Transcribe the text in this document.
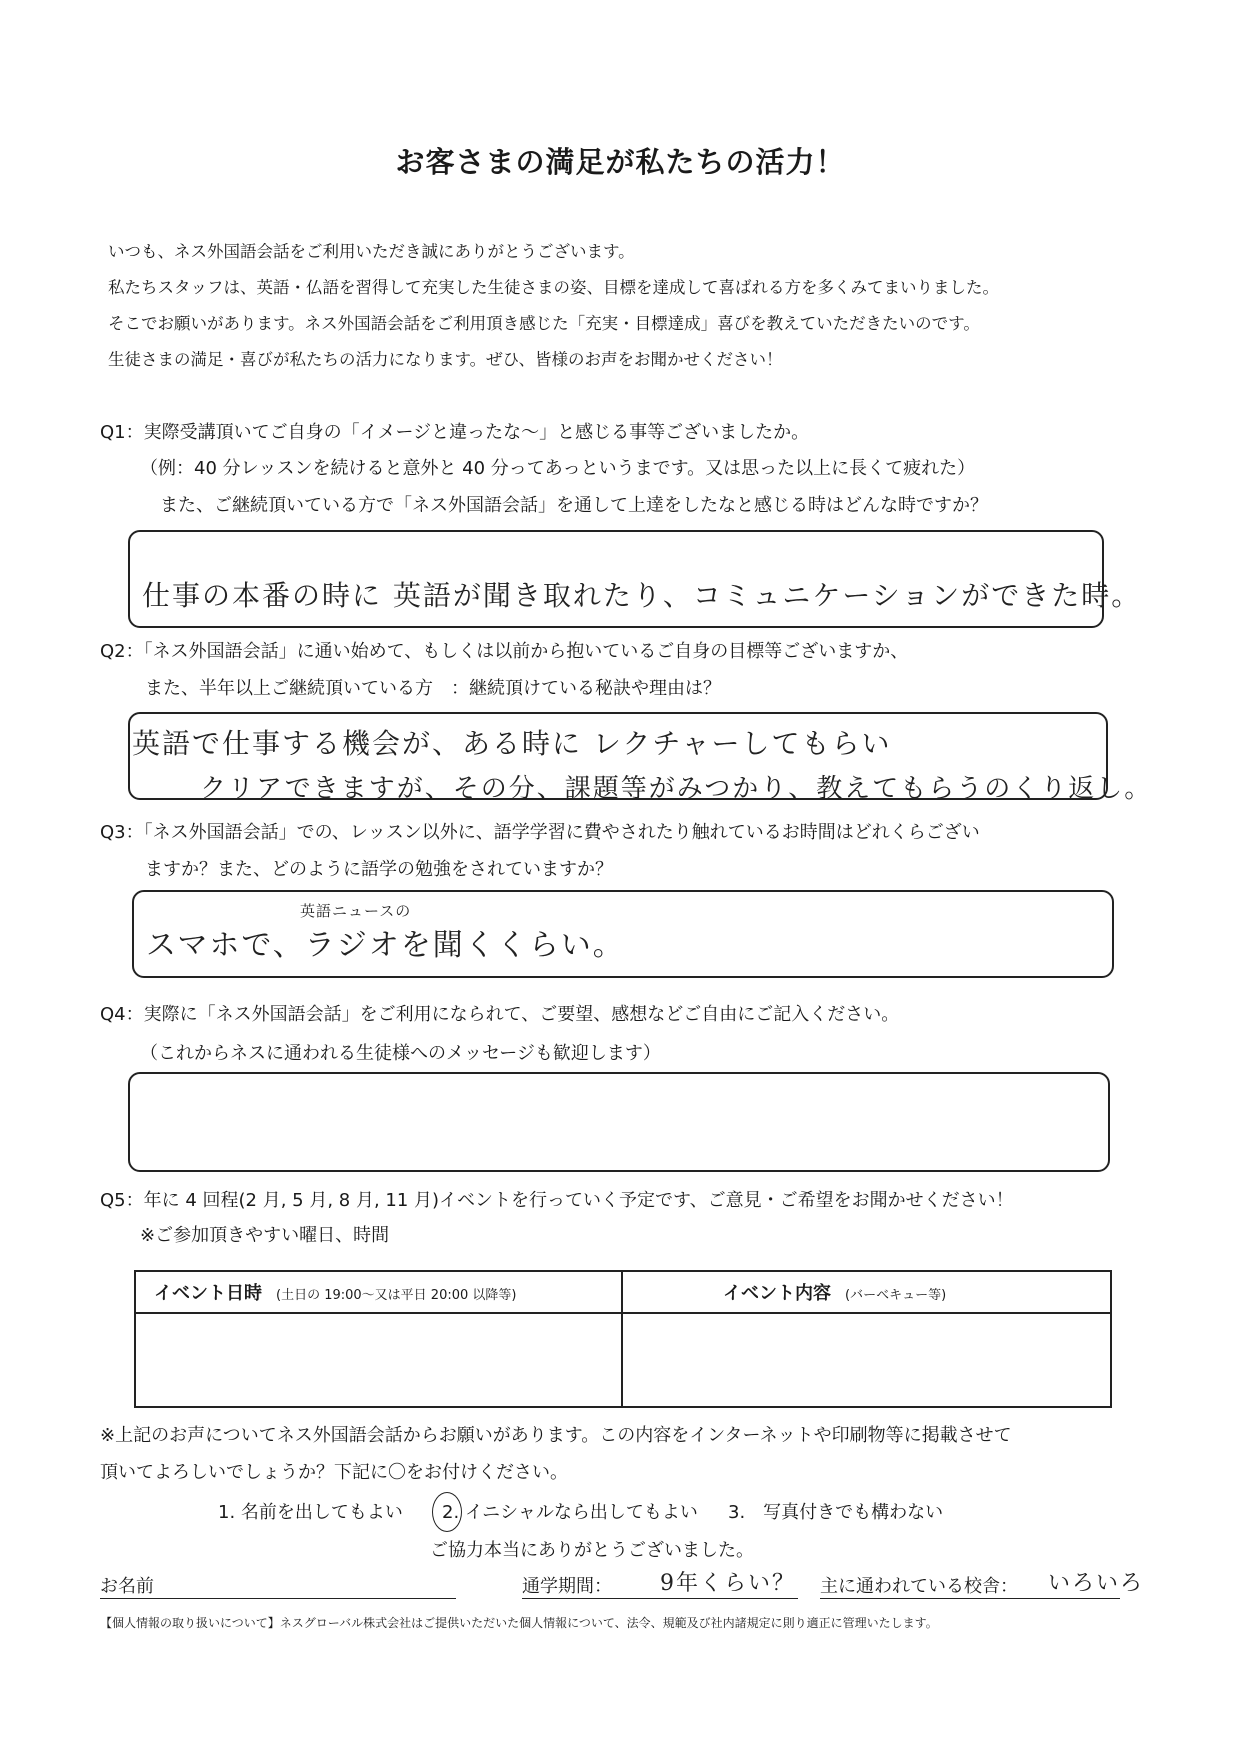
お客さまの満足が私たちの活力！
いつも、ネス外国語会話をご利用いただき誠にありがとうございます。
私たちスタッフは、英語・仏語を習得して充実した生徒さまの姿、目標を達成して喜ばれる方を多くみてまいりました。
そこでお願いがあります。ネス外国語会話をご利用頂き感じた「充実・目標達成」喜びを教えていただきたいのです。
生徒さまの満足・喜びが私たちの活力になります。ぜひ、皆様のお声をお聞かせください！
Q1：実際受講頂いてご自身の「イメージと違ったな～」と感じる事等ございましたか。
（例：40 分レッスンを続けると意外と 40 分ってあっというまです。又は思った以上に長くて疲れた）
また、ご継続頂いている方で「ネス外国語会話」を通して上達をしたなと感じる時はどんな時ですか？
仕事の本番の時に 英語が聞き取れたり、コミュニケーションができた時。
Q2：「ネス外国語会話」に通い始めて、もしくは以前から抱いているご自身の目標等ございますか、
また、半年以上ご継続頂いている方　：継続頂けている秘訣や理由は？
英語で仕事する機会が、ある時に レクチャーしてもらい
クリアできますが、その分、課題等がみつかり、教えてもらうのくり返し。
Q3：「ネス外国語会話」での、レッスン以外に、語学学習に費やされたり触れているお時間はどれくらござい
ますか？また、どのように語学の勉強をされていますか？
英語ニュースの
スマホで、ラジオを聞くくらい。
Q4：実際に「ネス外国語会話」をご利用になられて、ご要望、感想などご自由にご記入ください。
（これからネスに通われる生徒様へのメッセージも歓迎します）
Q5：年に 4 回程(2 月, 5 月, 8 月, 11 月)イベントを行っていく予定です、ご意見・ご希望をお聞かせください！
※ご参加頂きやすい曜日、時間
イベント日時 (土日の 19:00～又は平日 20:00 以降等)	イベント内容 (バーベキュー等)

※上記のお声についてネス外国語会話からお願いがあります。この内容をインターネットや印刷物等に掲載させて
頂いてよろしいでしょうか？下記に〇をお付けください。
1. 名前を出してもよい 2. イニシャルなら出してもよい 3.　写真付きでも構わない
ご協力本当にありがとうございました。
お名前	通学期間： 9年くらい？ 主に通われている校舎： いろいろ
【個人情報の取り扱いについて】ネスグローバル株式会社はご提供いただいた個人情報について、法令、規範及び社内諸規定に則り適正に管理いたします。
